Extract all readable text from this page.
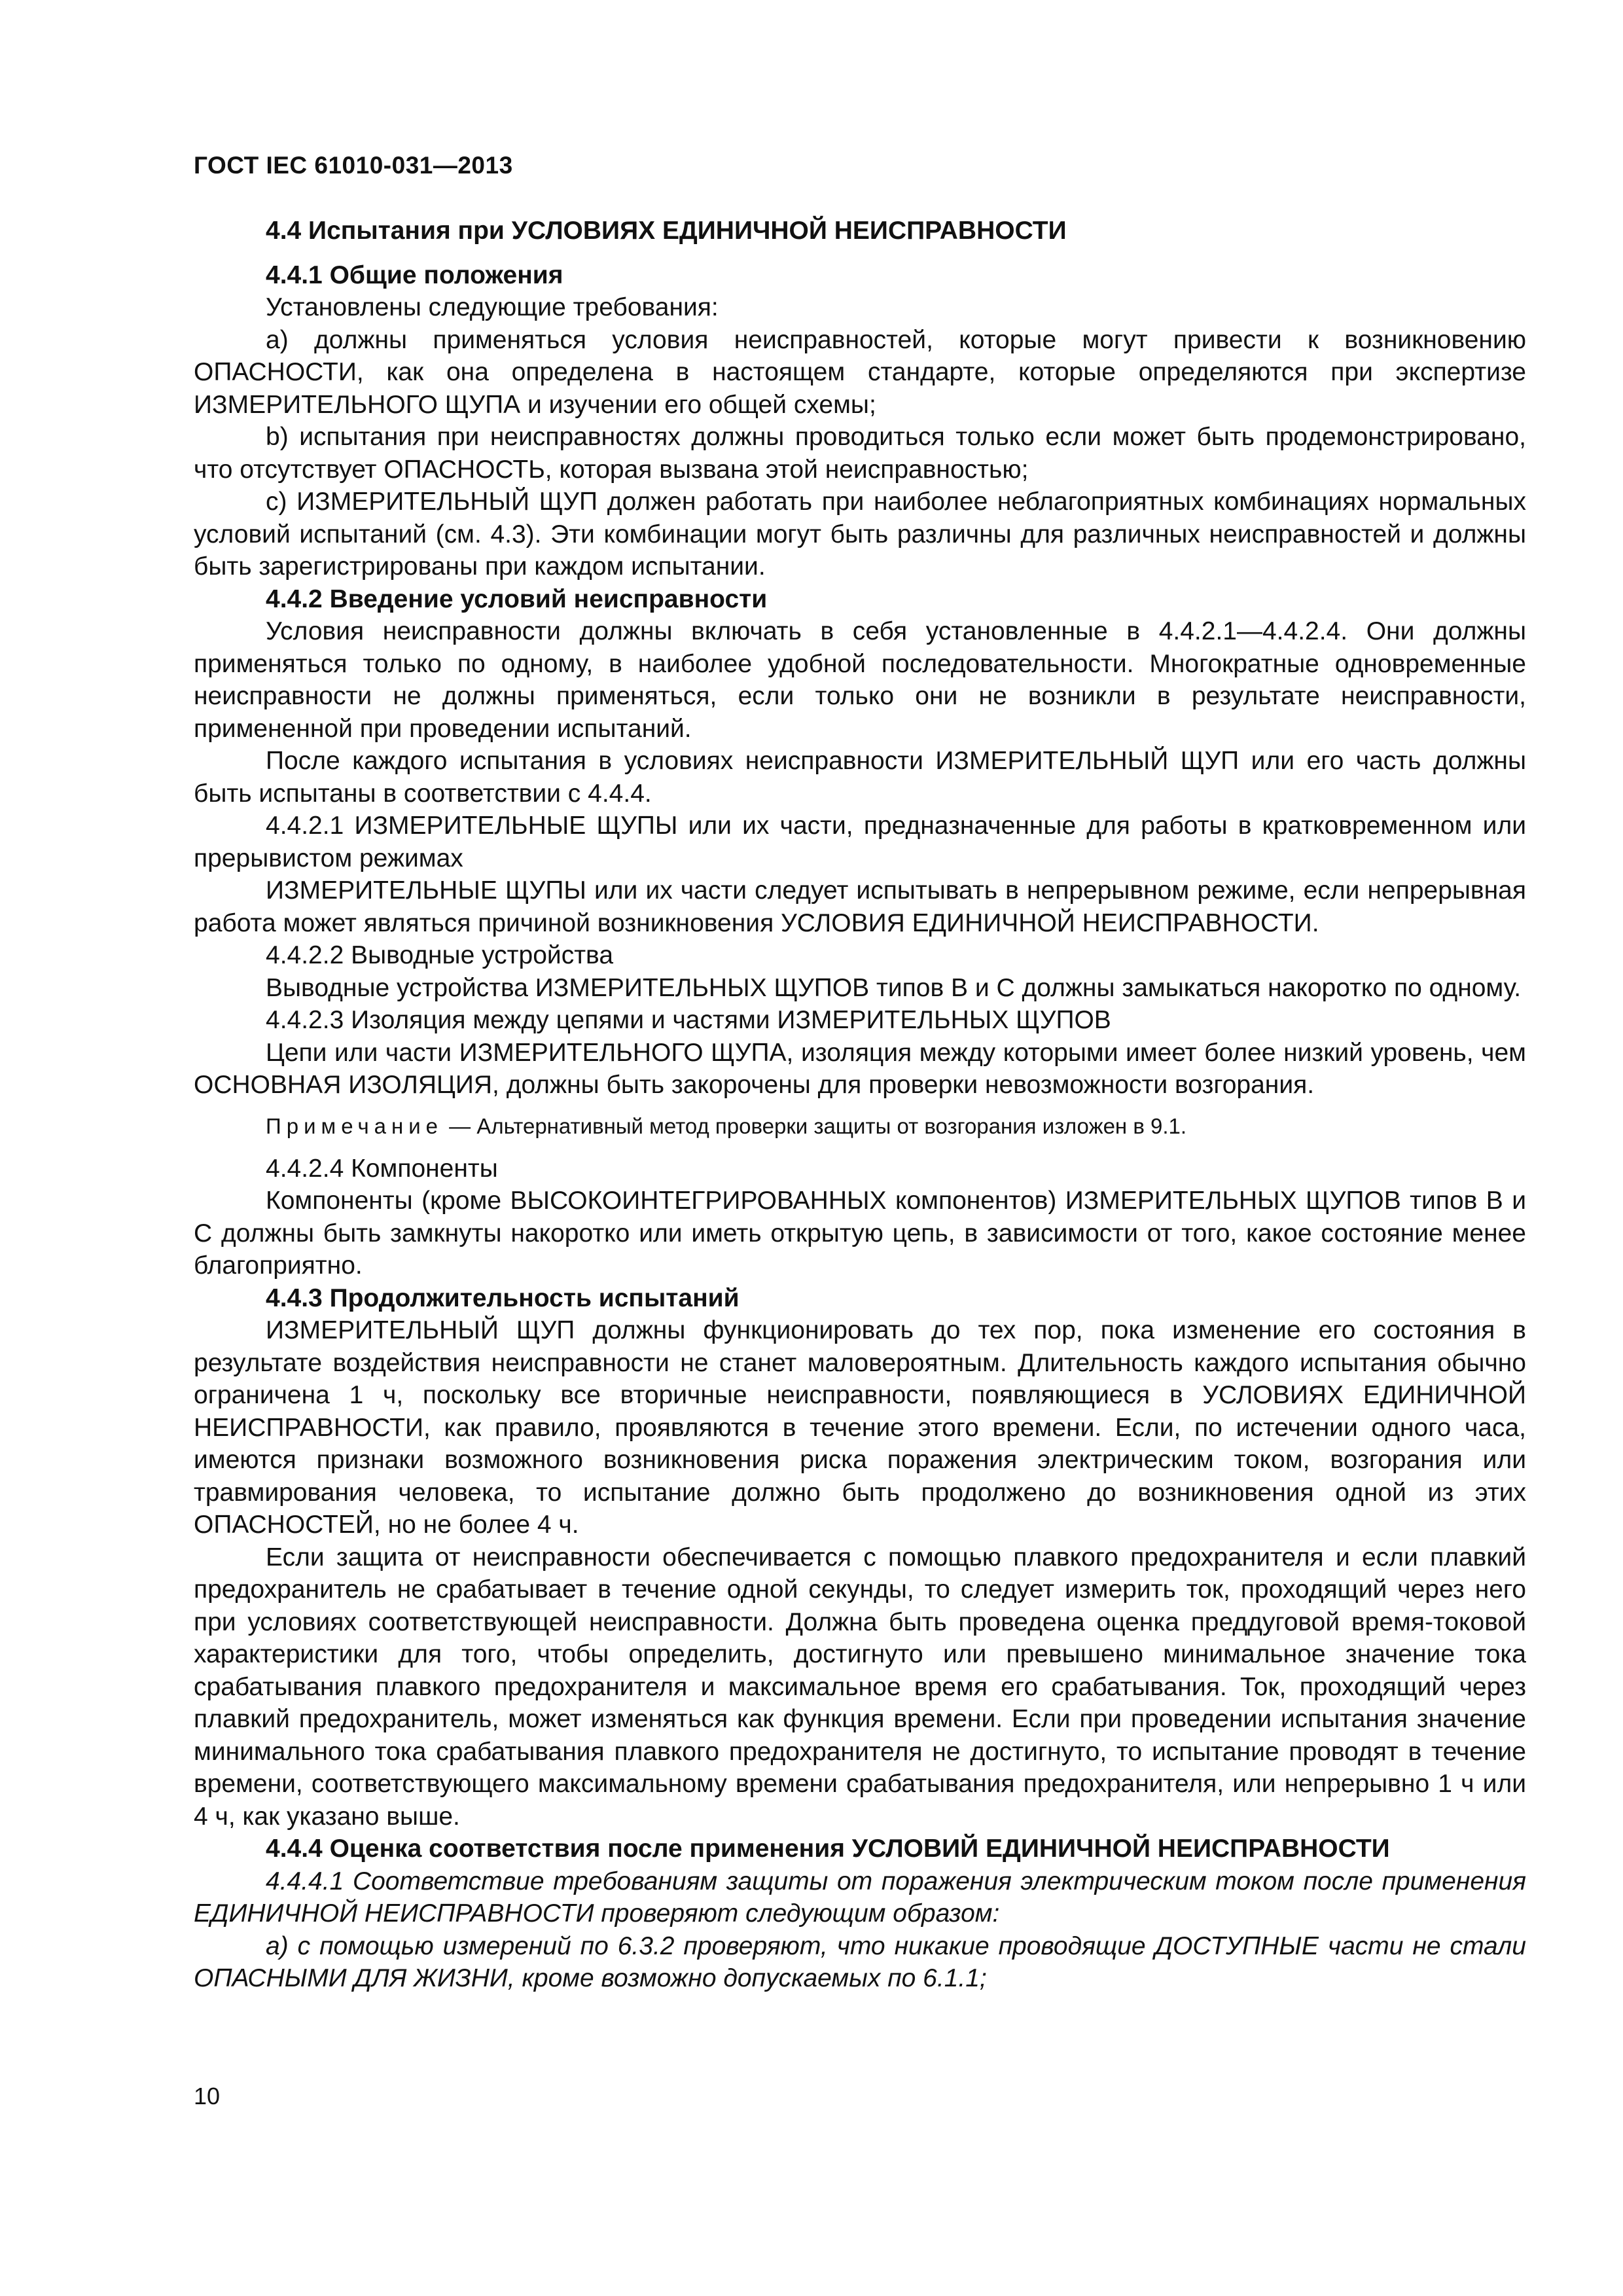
ГОСТ IEC 61010-031—2013

4.4 Испытания при УСЛОВИЯХ ЕДИНИЧНОЙ НЕИСПРАВНОСТИ

4.4.1 Общие положения

Установлены следующие требования:

a) должны применяться условия неисправностей, которые могут привести к возникновению ОПАСНОСТИ, как она определена в настоящем стандарте, которые определяются при экспертизе ИЗМЕРИТЕЛЬНОГО ЩУПА и изучении его общей схемы;

b) испытания при неисправностях должны проводиться только если может быть продемонстрировано, что отсутствует ОПАСНОСТЬ, которая вызвана этой неисправностью;

c) ИЗМЕРИТЕЛЬНЫЙ ЩУП должен работать при наиболее неблагоприятных комбинациях нормальных условий испытаний (см. 4.3). Эти комбинации могут быть различны для различных неисправностей и должны быть зарегистрированы при каждом испытании.

4.4.2 Введение условий неисправности

Условия неисправности должны включать в себя установленные в 4.4.2.1—4.4.2.4. Они должны применяться только по одному, в наиболее удобной последовательности. Многократные одновременные неисправности не должны применяться, если только они не возникли в результате неисправности, примененной при проведении испытаний.

После каждого испытания в условиях неисправности ИЗМЕРИТЕЛЬНЫЙ ЩУП или его часть должны быть испытаны в соответствии с 4.4.4.

4.4.2.1 ИЗМЕРИТЕЛЬНЫЕ ЩУПЫ или их части, предназначенные для работы в кратковременном или прерывистом режимах

ИЗМЕРИТЕЛЬНЫЕ ЩУПЫ или их части следует испытывать в непрерывном режиме, если непрерывная работа может являться причиной возникновения УСЛОВИЯ ЕДИНИЧНОЙ НЕИСПРАВНОСТИ.

4.4.2.2 Выводные устройства

Выводные устройства ИЗМЕРИТЕЛЬНЫХ ЩУПОВ типов В и С должны замыкаться накоротко по одному.

4.4.2.3 Изоляция между цепями и частями ИЗМЕРИТЕЛЬНЫХ ЩУПОВ

Цепи или части ИЗМЕРИТЕЛЬНОГО ЩУПА, изоляция между которыми имеет более низкий уровень, чем ОСНОВНАЯ ИЗОЛЯЦИЯ, должны быть закорочены для проверки невозможности возгорания.

Примечание — Альтернативный метод проверки защиты от возгорания изложен в 9.1.

4.4.2.4 Компоненты

Компоненты (кроме ВЫСОКОИНТЕГРИРОВАННЫХ компонентов) ИЗМЕРИТЕЛЬНЫХ ЩУПОВ типов В и С должны быть замкнуты накоротко или иметь открытую цепь, в зависимости от того, какое состояние менее благоприятно.

4.4.3 Продолжительность испытаний

ИЗМЕРИТЕЛЬНЫЙ ЩУП должны функционировать до тех пор, пока изменение его состояния в результате воздействия неисправности не станет маловероятным. Длительность каждого испытания обычно ограничена 1 ч, поскольку все вторичные неисправности, появляющиеся в УСЛОВИЯХ ЕДИНИЧНОЙ НЕИСПРАВНОСТИ, как правило, проявляются в течение этого времени. Если, по истечении одного часа, имеются признаки возможного возникновения риска поражения электрическим током, возгорания или травмирования человека, то испытание должно быть продолжено до возникновения одной из этих ОПАСНОСТЕЙ, но не более 4 ч.

Если защита от неисправности обеспечивается с помощью плавкого предохранителя и если плавкий предохранитель не срабатывает в течение одной секунды, то следует измерить ток, проходящий через него при условиях соответствующей неисправности. Должна быть проведена оценка преддуговой время-токовой характеристики для того, чтобы определить, достигнуто или превышено минимальное значение тока срабатывания плавкого предохранителя и максимальное время его срабатывания. Ток, проходящий через плавкий предохранитель, может изменяться как функция времени. Если при проведении испытания значение минимального тока срабатывания плавкого предохранителя не достигнуто, то испытание проводят в течение времени, соответствующего максимальному времени срабатывания предохранителя, или непрерывно 1 ч или 4 ч, как указано выше.

4.4.4 Оценка соответствия после применения УСЛОВИЙ ЕДИНИЧНОЙ НЕИСПРАВНОСТИ

4.4.4.1 Соответствие требованиям защиты от поражения электрическим током после применения ЕДИНИЧНОЙ НЕИСПРАВНОСТИ проверяют следующим образом:

a) с помощью измерений по 6.3.2 проверяют, что никакие проводящие ДОСТУПНЫЕ части не стали ОПАСНЫМИ ДЛЯ ЖИЗНИ, кроме возможно допускаемых по 6.1.1;

10
